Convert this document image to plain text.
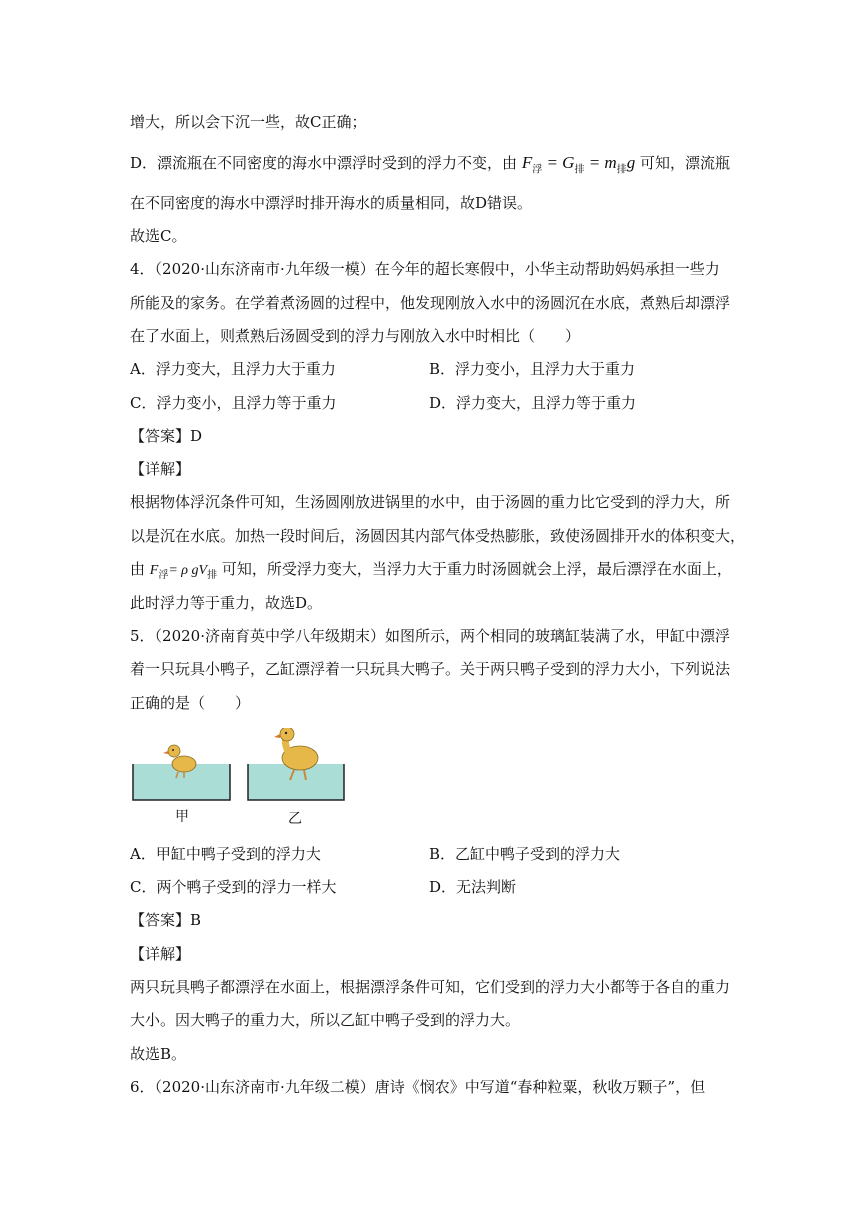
增大，所以会下沉一些，故C正确；
D．漂流瓶在不同密度的海水中漂浮时受到的浮力不变，由 $F_浮 = G_排 = m_排g$ 可知，漂流瓶
在不同密度的海水中漂浮时排开海水的质量相同，故D错误。
故选C。
4．（2020·山东济南市·九年级一模）在今年的超长寒假中，小华主动帮助妈妈承担一些力
所能及的家务。在学着煮汤圆的过程中，他发现刚放入水中的汤圆沉在水底，煮熟后却漂浮
在了水面上，则煮熟后汤圆受到的浮力与刚放入水中时相比（　　）
A．浮力变大，且浮力大于重力	B．浮力变小，且浮力大于重力
C．浮力变小，且浮力等于重力	D．浮力变大，且浮力等于重力
【答案】D
【详解】
根据物体浮沉条件可知，生汤圆刚放进锅里的水中，由于汤圆的重力比它受到的浮力大，所
以是沉在水底。加热一段时间后，汤圆因其内部气体受热膨胀，致使汤圆排开水的体积变大，
由 $F_浮= \rho$ $gV_排$ 可知，所受浮力变大，当浮力大于重力时汤圆就会上浮，最后漂浮在水面上，
此时浮力等于重力，故选D。
5．（2020·济南育英中学八年级期末）如图所示，两个相同的玻璃缸装满了水，甲缸中漂浮
着一只玩具小鸭子，乙缸漂浮着一只玩具大鸭子。关于两只鸭子受到的浮力大小，下列说法
正确的是（　　）
甲	乙
A．甲缸中鸭子受到的浮力大	B．乙缸中鸭子受到的浮力大
C．两个鸭子受到的浮力一样大	D．无法判断
【答案】B
【详解】
两只玩具鸭子都漂浮在水面上，根据漂浮条件可知，它们受到的浮力大小都等于各自的重力
大小。因大鸭子的重力大，所以乙缸中鸭子受到的浮力大。
故选B。
6．（2020·山东济南市·九年级二模）唐诗《悯农》中写道“春种粒粟，秋收万颗子”，但
